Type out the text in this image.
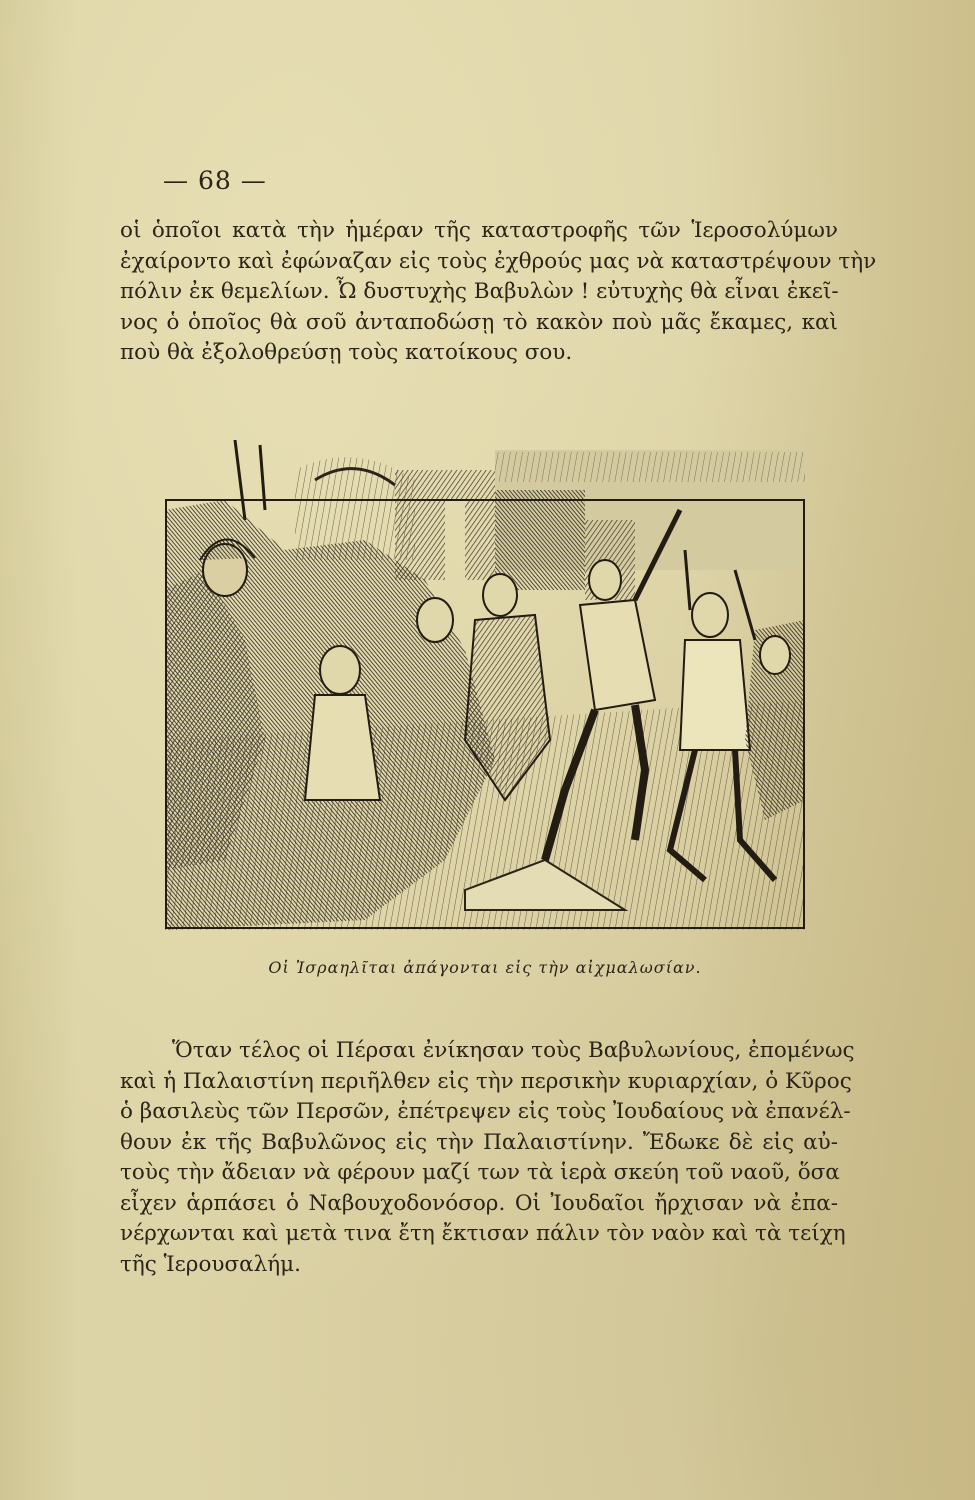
— 68 —
οἱ ὁποῖοι κατὰ τὴν ἡμέραν τῆς καταστροφῆς τῶν Ἱεροσολύμων
ἐχαίροντο καὶ ἐφώναζαν εἰς τοὺς ἐχθρούς μας νὰ καταστρέψουν τὴν
πόλιν ἐκ θεμελίων. Ὦ δυστυχὴς Βαβυλὼν ! εὐτυχὴς θὰ εἶναι ἐκεῖ-
νος ὁ ὁποῖος θὰ σοῦ ἀνταποδώσῃ τὸ κακὸν ποὺ μᾶς ἔκαμες, καὶ
ποὺ θὰ ἐξολοθρεύσῃ τοὺς κατοίκους σου.
Οἱ Ἰσραηλῖται ἀπάγονται εἰς τὴν αἰχμαλωσίαν.
Ὅταν τέλος οἱ Πέρσαι ἐνίκησαν τοὺς Βαβυλωνίους, ἐπομένως
καὶ ἡ Παλαιστίνη περιῆλθεν εἰς τὴν περσικὴν κυριαρχίαν, ὁ Κῦρος
ὁ βασιλεὺς τῶν Περσῶν, ἐπέτρεψεν εἰς τοὺς Ἰουδαίους νὰ ἐπανέλ-
θουν ἐκ τῆς Βαβυλῶνος εἰς τὴν Παλαιστίνην. Ἔδωκε δὲ εἰς αὐ-
τοὺς τὴν ἄδειαν νὰ φέρουν μαζί των τὰ ἱερὰ σκεύη τοῦ ναοῦ, ὅσα
εἶχεν ἁρπάσει ὁ Ναβουχοδονόσορ. Οἱ Ἰουδαῖοι ἤρχισαν νὰ ἐπα-
νέρχωνται καὶ μετὰ τινα ἔτη ἔκτισαν πάλιν τὸν ναὸν καὶ τὰ τείχη
τῆς Ἱερουσαλήμ.
